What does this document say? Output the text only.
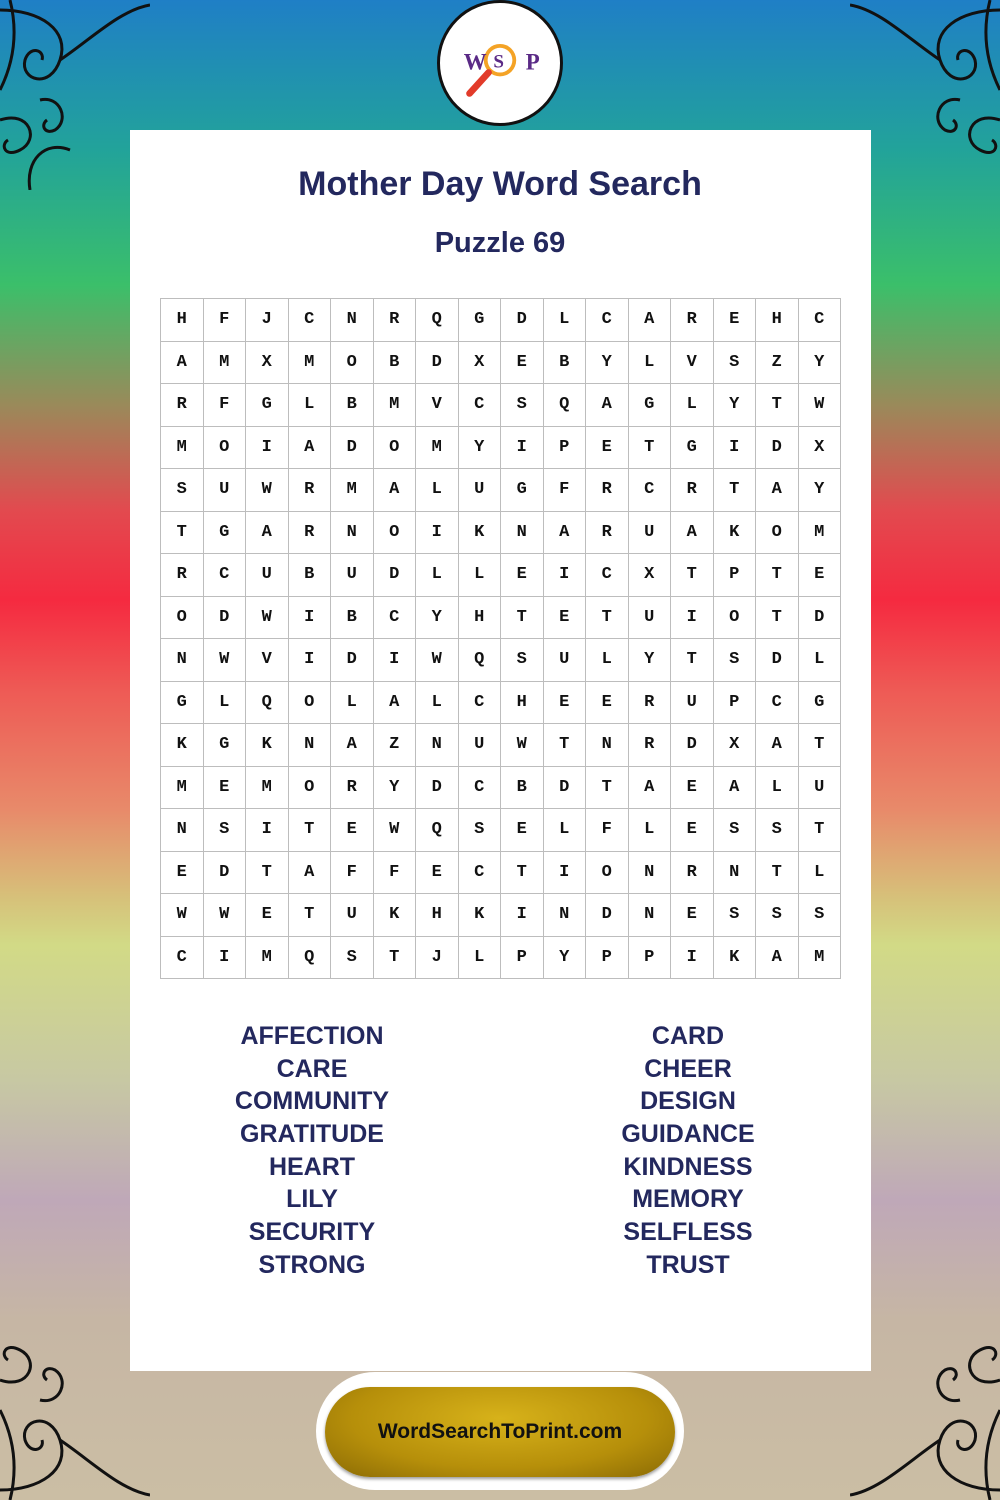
W S P
Mother Day Word Search
Puzzle 69
H	F	J	C	N	R	Q	G	D	L	C	A	R	E	H	C
A	M	X	M	O	B	D	X	E	B	Y	L	V	S	Z	Y
R	F	G	L	B	M	V	C	S	Q	A	G	L	Y	T	W
M	O	I	A	D	O	M	Y	I	P	E	T	G	I	D	X
S	U	W	R	M	A	L	U	G	F	R	C	R	T	A	Y
T	G	A	R	N	O	I	K	N	A	R	U	A	K	O	M
R	C	U	B	U	D	L	L	E	I	C	X	T	P	T	E
O	D	W	I	B	C	Y	H	T	E	T	U	I	O	T	D
N	W	V	I	D	I	W	Q	S	U	L	Y	T	S	D	L
G	L	Q	O	L	A	L	C	H	E	E	R	U	P	C	G
K	G	K	N	A	Z	N	U	W	T	N	R	D	X	A	T
M	E	M	O	R	Y	D	C	B	D	T	A	E	A	L	U
N	S	I	T	E	W	Q	S	E	L	F	L	E	S	S	T
E	D	T	A	F	F	E	C	T	I	O	N	R	N	T	L
W	W	E	T	U	K	H	K	I	N	D	N	E	S	S	S
C	I	M	Q	S	T	J	L	P	Y	P	P	I	K	A	M
AFFECTION
CARE
COMMUNITY
GRATITUDE
HEART
LILY
SECURITY
STRONG
CARD
CHEER
DESIGN
GUIDANCE
KINDNESS
MEMORY
SELFLESS
TRUST
WordSearchToPrint.com
